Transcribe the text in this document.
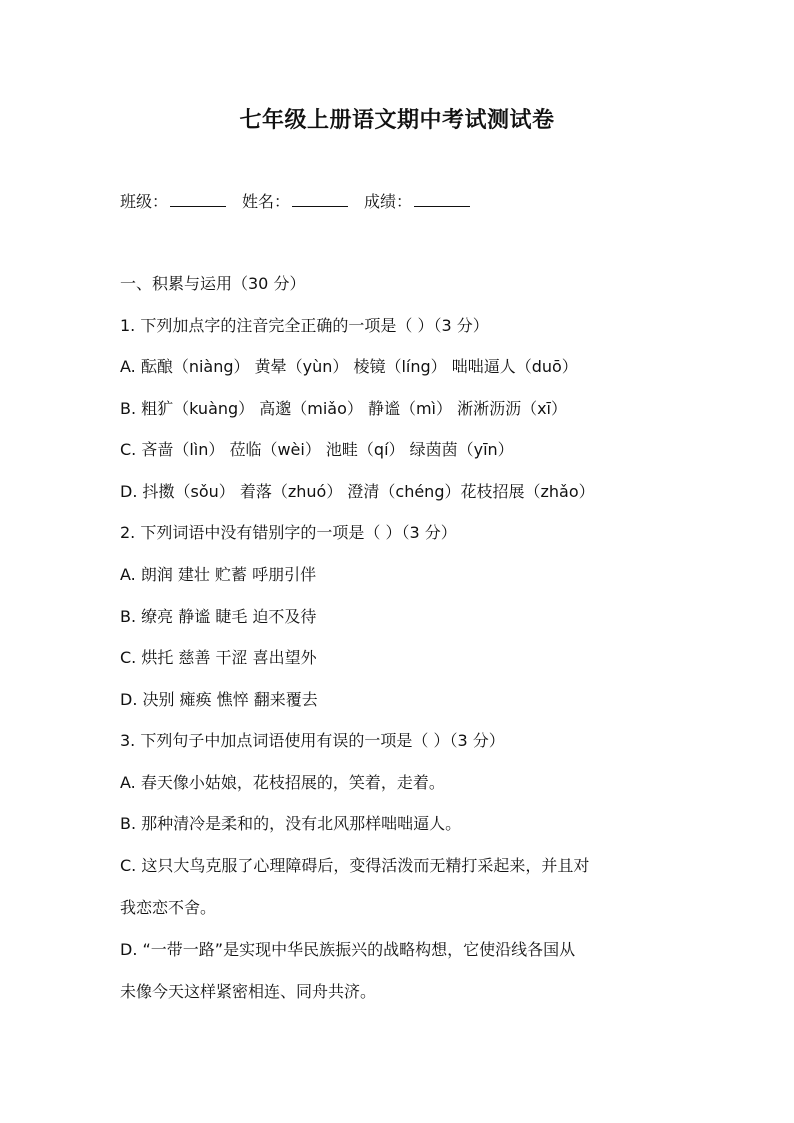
七年级上册语文期中考试测试卷
班级：	姓名：	成绩：
一、积累与运用（30 分）
1. 下列加点字的注音完全正确的一项是（ ）（3 分）
A. 酝酿（niàng） 黄晕（yùn） 棱镜（líng） 咄咄逼人（duō）
B. 粗犷（kuàng） 高邈（miǎo） 静谧（mì） 淅淅沥沥（xī）
C. 吝啬（lìn） 莅临（wèi） 池畦（qí） 绿茵茵（yīn）
D. 抖擞（sǒu） 着落（zhuó） 澄清（chéng）花枝招展（zhǎo）
2. 下列词语中没有错别字的一项是（ ）（3 分）
A. 朗润 建壮 贮蓄 呼朋引伴
B. 缭亮 静谧 睫毛 迫不及待
C. 烘托 慈善 干涩 喜出望外
D. 决别 瘫痪 憔悴 翻来覆去
3. 下列句子中加点词语使用有误的一项是（ ）（3 分）
A. 春天像小姑娘，花枝招展的，笑着，走着。
B. 那种清冷是柔和的，没有北风那样咄咄逼人。
C. 这只大鸟克服了心理障碍后，变得活泼而无精打采起来，并且对
我恋恋不舍。
D. “一带一路”是实现中华民族振兴的战略构想，它使沿线各国从
未像今天这样紧密相连、同舟共济。
